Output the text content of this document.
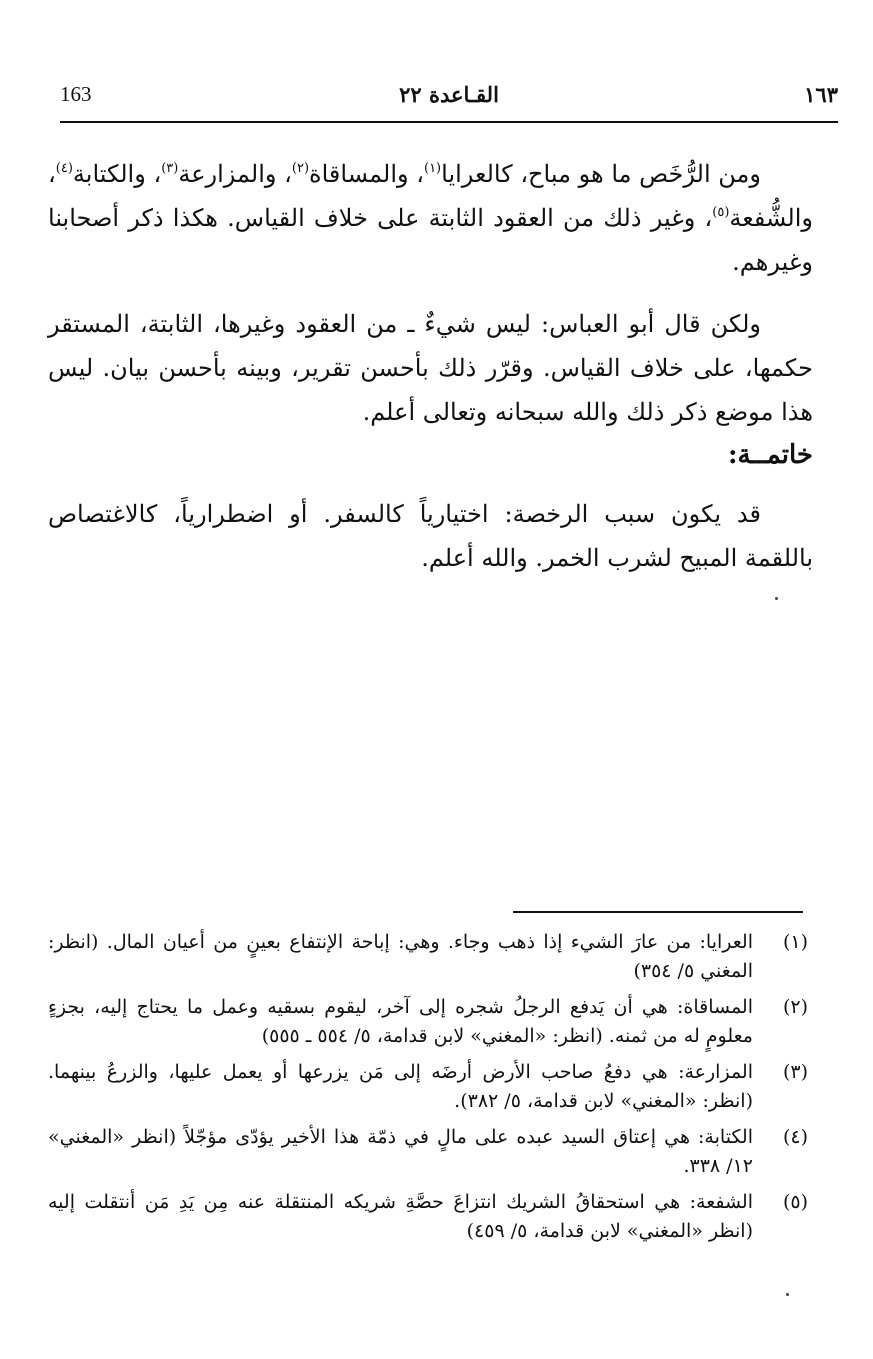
163	القـاعدة ٢٢	١٦٣

ومن الرُّخَص ما هو مباح، كالعرايا$^{(١)}$، والمساقاة$^{(٢)}$، والمزارعة$^{(٣)}$، والكتابة$^{(٤)}$، والشُّفعة$^{(٥)}$، وغير ذلك من العقود الثابتة على خلاف القياس. هكذا ذكر أصحابنا وغيرهم.

ولكن قال أبو العباس: ليس شيءٌ ـ من العقود وغيرها، الثابتة، المستقر حكمها، على خلاف القياس. وقرّر ذلك بأحسن تقرير، وبينه بأحسن بيان. ليس هذا موضع ذكر ذلك والله سبحانه وتعالى أعلم.

خاتمــة:

قد يكون سبب الرخصة: اختيارياً كالسفر. أو اضطرارياً، كالاغتصاص باللقمة المبيح لشرب الخمر. والله أعلم.

(١)
العرايا: من عارَ الشيء إذا ذهب وجاء. وهي: إباحة الإنتفاع بعينٍ من أعيان المال. (انظر: المغني ٥/ ٣٥٤)
(٢)
المساقاة: هي أن يَدفع الرجلُ شجره إلى آخر، ليقوم بسقيه وعمل ما يحتاج إليه، بجزءٍ معلومٍ له من ثمنه. (انظر: «المغني» لابن قدامة، ٥/ ٥٥٤ ـ ٥٥٥)
(٣)
المزارعة: هي دفعُ صاحب الأرض أرضَه إلى مَن يزرعها أو يعمل عليها، والزرعُ بينهما. (انظر: «المغني» لابن قدامة، ٥/ ٣٨٢).
(٤)
الكتابة: هي إعتاق السيد عبده على مالٍ في ذمّة هذا الأخير يؤدّى مؤجّلاً (انظر «المغني» ١٢/ ٣٣٨.
(٥)
الشفعة: هي استحقاقُ الشريك انتزاعَ حصَّةِ شريكه المنتقلة عنه مِن يَدِ مَن أنتقلت إليه (انظر «المغني» لابن قدامة، ٥/ ٤٥٩)
